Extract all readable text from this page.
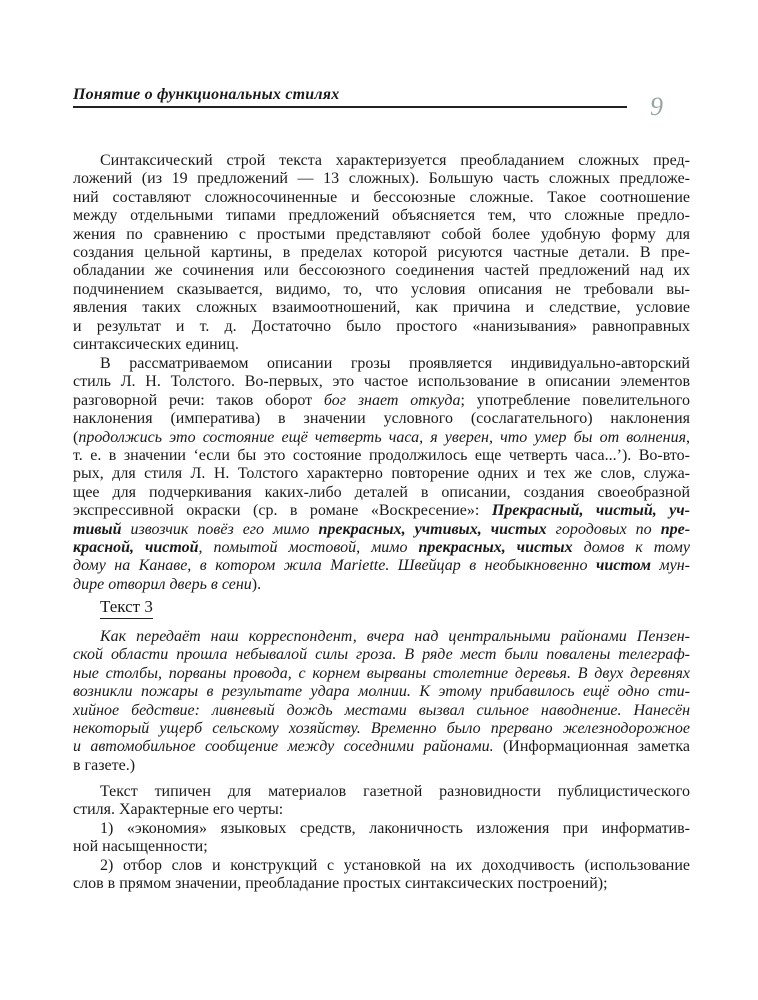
Понятие о функциональных стилях	9
Синтаксический строй текста характеризуется преобладанием сложных пред-
ложений (из 19 предложений — 13 сложных). Большую часть сложных предложе-
ний составляют сложносочиненные и бессоюзные сложные. Такое соотношение
между отдельными типами предложений объясняется тем, что сложные предло-
жения по сравнению с простыми представляют собой более удобную форму для
создания цельной картины, в пределах которой рисуются частные детали. В пре-
обладании же сочинения или бессоюзного соединения частей предложений над их
подчинением сказывается, видимо, то, что условия описания не требовали вы-
явления таких сложных взаимоотношений, как причина и следствие, условие
и результат и т. д. Достаточно было простого «нанизывания» равноправных
синтаксических единиц.
В рассматриваемом описании грозы проявляется индивидуально-авторский
стиль Л. Н. Толстого. Во-первых, это частое использование в описании элементов
разговорной речи: таков оборот бог знает откуда; употребление повелительного
наклонения (императива) в значении условного (сослагательного) наклонения
(продолжись это состояние ещё четверть часа, я уверен, что умер бы от волнения,
т. е. в значении ‘если бы это состояние продолжилось еще четверть часа...’). Во-вто-
рых, для стиля Л. Н. Толстого характерно повторение одних и тех же слов, служа-
щее для подчеркивания каких-либо деталей в описании, создания своеобразной
экспрессивной окраски (ср. в романе «Воскресение»: Прекрасный, чистый, уч-
тивый извозчик повёз его мимо прекрасных, учтивых, чистых городовых по пре-
красной, чистой, помытой мостовой, мимо прекрасных, чистых домов к тому
дому на Канаве, в котором жила Mariette. Швейцар в необыкновенно чистом мун-
дире отворил дверь в сени).
Текст 3
Как передаёт наш корреспондент, вчера над центральными районами Пензен-
ской области прошла небывалой силы гроза. В ряде мест были повалены телеграф-
ные столбы, порваны провода, с корнем вырваны столетние деревья. В двух деревнях
возникли пожары в результате удара молнии. К этому прибавилось ещё одно сти-
хийное бедствие: ливневый дождь местами вызвал сильное наводнение. Нанесён
некоторый ущерб сельскому хозяйству. Временно было прервано железнодорожное
и автомобильное сообщение между соседними районами. (Информационная заметка
в газете.)
Текст типичен для материалов газетной разновидности публицистического
стиля. Характерные его черты:
1) «экономия» языковых средств, лаконичность изложения при информатив-
ной насыщенности;
2) отбор слов и конструкций с установкой на их доходчивость (использование
слов в прямом значении, преобладание простых синтаксических построений);
